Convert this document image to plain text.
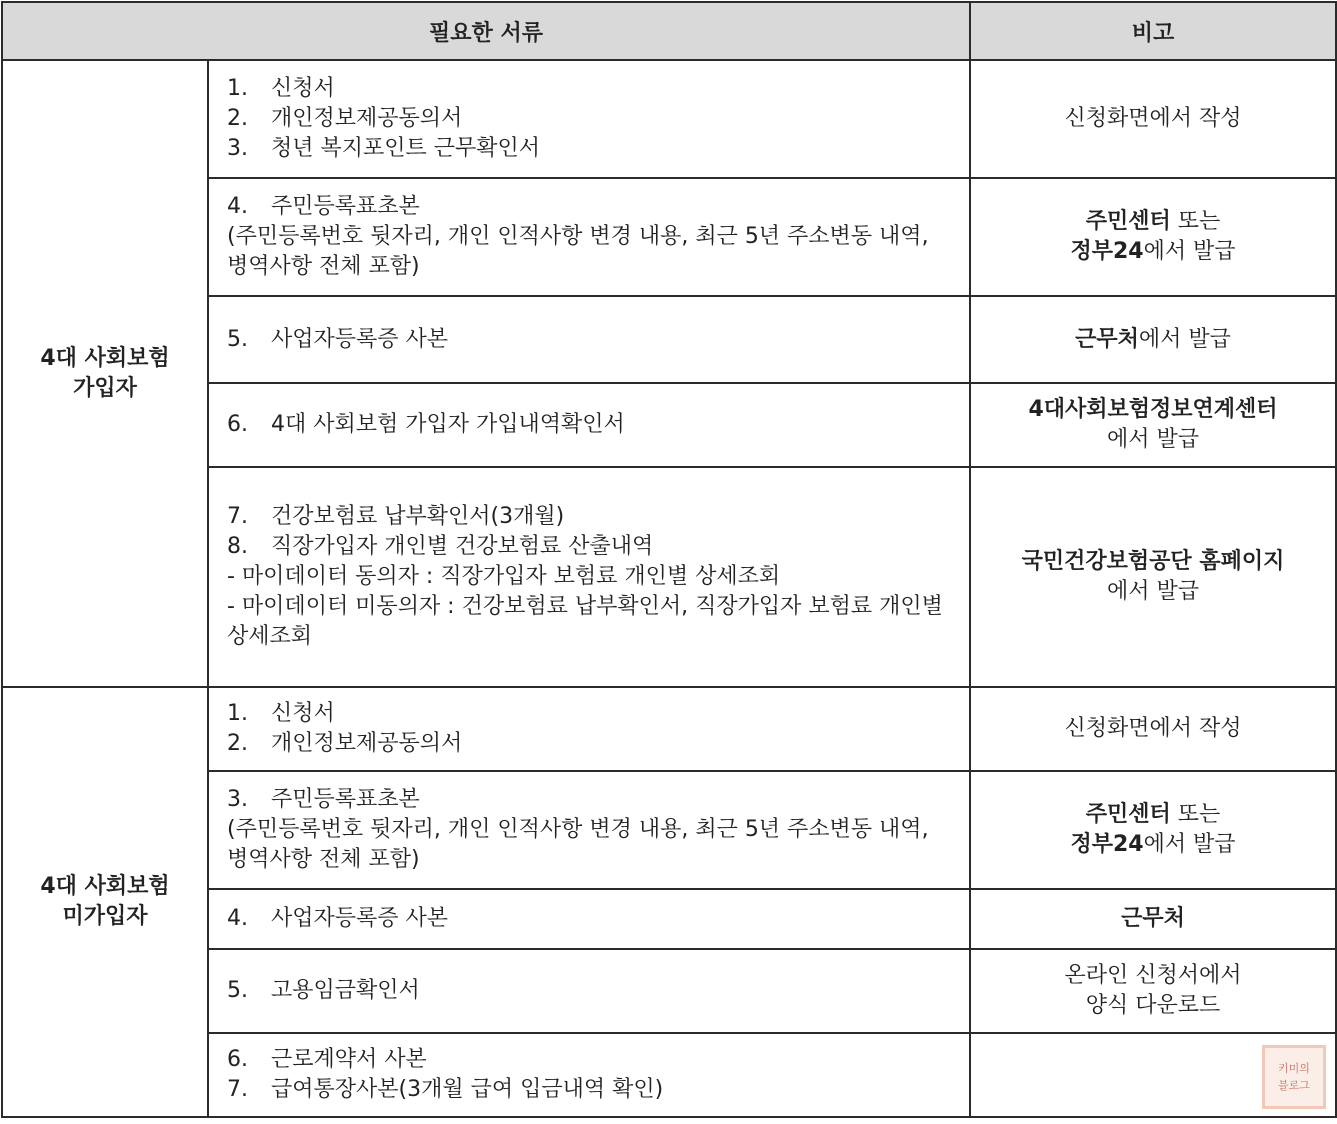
필요한 서류		비고

4대 사회보험
가입자	1. 신청서
2. 개인정보제공동의서
3. 청년 복지포인트 근무확인서	신청화면에서 작성

	4. 주민등록표초본
(주민등록번호 뒷자리, 개인 인적사항 변경 내용, 최근 5년 주소변동 내역, 병역사항 전체 포함)	주민센터 또는
정부24에서 발급

	5. 사업자등록증 사본	근무처에서 발급

	6. 4대 사회보험 가입자 가입내역확인서	4대사회보험정보연계센터
에서 발급

	7. 건강보험료 납부확인서(3개월)
8. 직장가입자 개인별 건강보험료 산출내역
- 마이데이터 동의자 : 직장가입자 보험료 개인별 상세조회
- 마이데이터 미동의자 : 건강보험료 납부확인서, 직장가입자 보험료 개인별 상세조회	국민건강보험공단 홈페이지
에서 발급

4대 사회보험
미가입자	1. 신청서
2. 개인정보제공동의서	신청화면에서 작성

	3. 주민등록표초본
(주민등록번호 뒷자리, 개인 인적사항 변경 내용, 최근 5년 주소변동 내역, 병역사항 전체 포함)	주민센터 또는
정부24에서 발급

	4. 사업자등록증 사본	근무처

	5. 고용임금확인서	온라인 신청서에서
양식 다운로드

	6. 근로계약서 사본
7. 급여통장사본(3개월 급여 입금내역 확인)	

키미의
블로그
